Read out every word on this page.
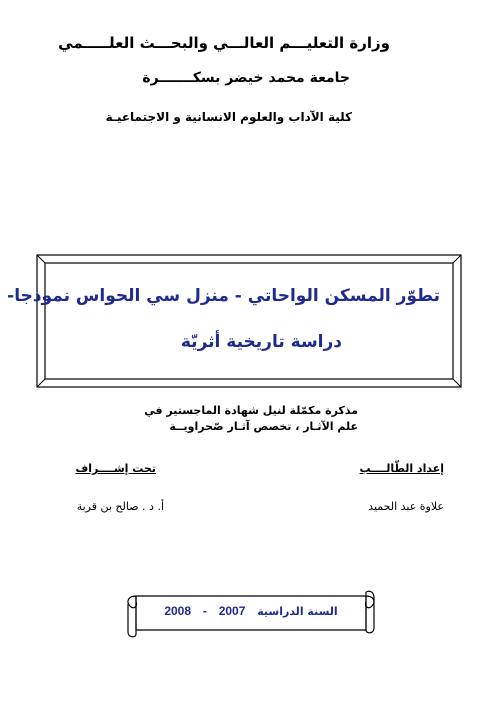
وزارة التعليـــم العالـــي والبحـــث العلـــــمي
جامعة محمد خيضر بسكـــــــرة
كلية الآداب والعلوم الانسانية و الاجتماعيـة
تطوّر المسكن الواحاتي - منزل سي الحواس نموذجا-
دراسة تاريخية أثريّة
مذكرة مكمّلة لنيل شهادة الماجستير في
علم الآثـار ، تخصص آثـار صّحراويــة
إعداد الطّالــــب
تحت إشــــراف
علاوة عبد الحميد
أ. د . صالح بن قربة
السنة الدراسية 2007 - 2008
